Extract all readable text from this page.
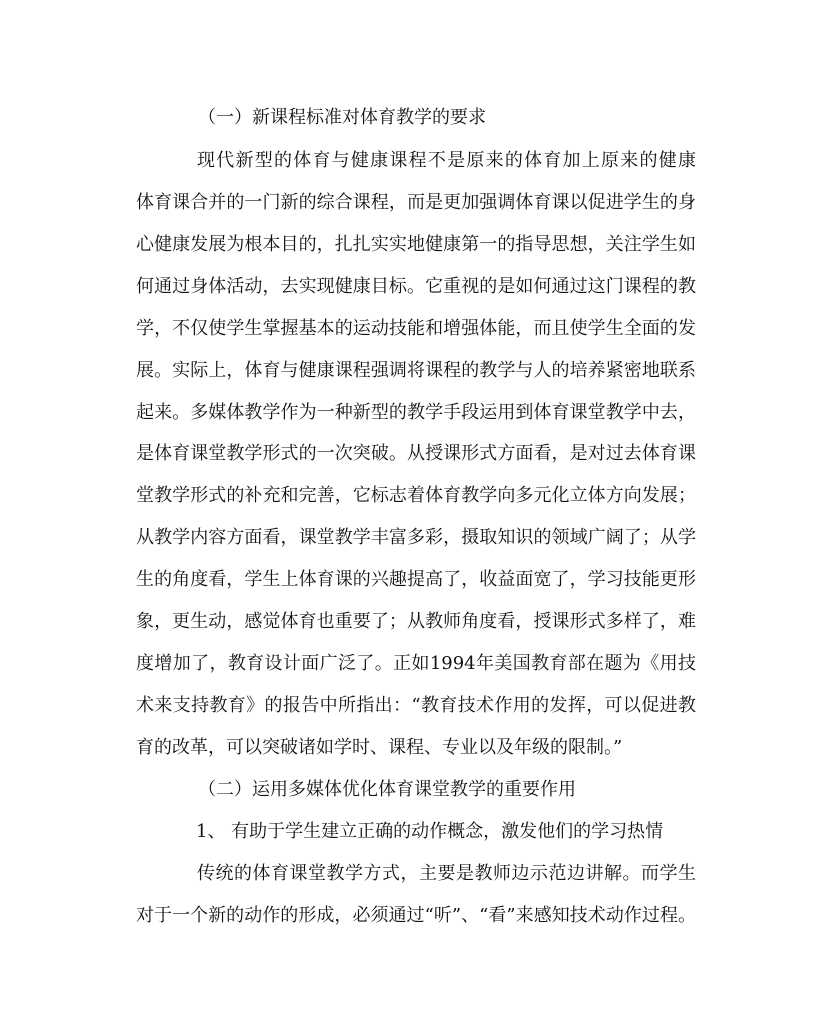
（一）新课程标准对体育教学的要求
现代新型的体育与健康课程不是原来的体育加上原来的健康
体育课合并的一门新的综合课程，而是更加强调体育课以促进学生的身
心健康发展为根本目的，扎扎实实地健康第一的指导思想，关注学生如
何通过身体活动，去实现健康目标。它重视的是如何通过这门课程的教
学，不仅使学生掌握基本的运动技能和增强体能，而且使学生全面的发
展。实际上，体育与健康课程强调将课程的教学与人的培养紧密地联系
起来。多媒体教学作为一种新型的教学手段运用到体育课堂教学中去，
是体育课堂教学形式的一次突破。从授课形式方面看，是对过去体育课
堂教学形式的补充和完善，它标志着体育教学向多元化立体方向发展；
从教学内容方面看，课堂教学丰富多彩，摄取知识的领域广阔了；从学
生的角度看，学生上体育课的兴趣提高了，收益面宽了，学习技能更形
象，更生动，感觉体育也重要了；从教师角度看，授课形式多样了，难
度增加了，教育设计面广泛了。正如1994年美国教育部在题为《用技
术来支持教育》的报告中所指出：“教育技术作用的发挥，可以促进教
育的改革，可以突破诸如学时、课程、专业以及年级的限制。”
（二）运用多媒体优化体育课堂教学的重要作用
1、 有助于学生建立正确的动作概念，激发他们的学习热情
传统的体育课堂教学方式，主要是教师边示范边讲解。而学生
对于一个新的动作的形成，必须通过“听”、“看”来感知技术动作过程。
